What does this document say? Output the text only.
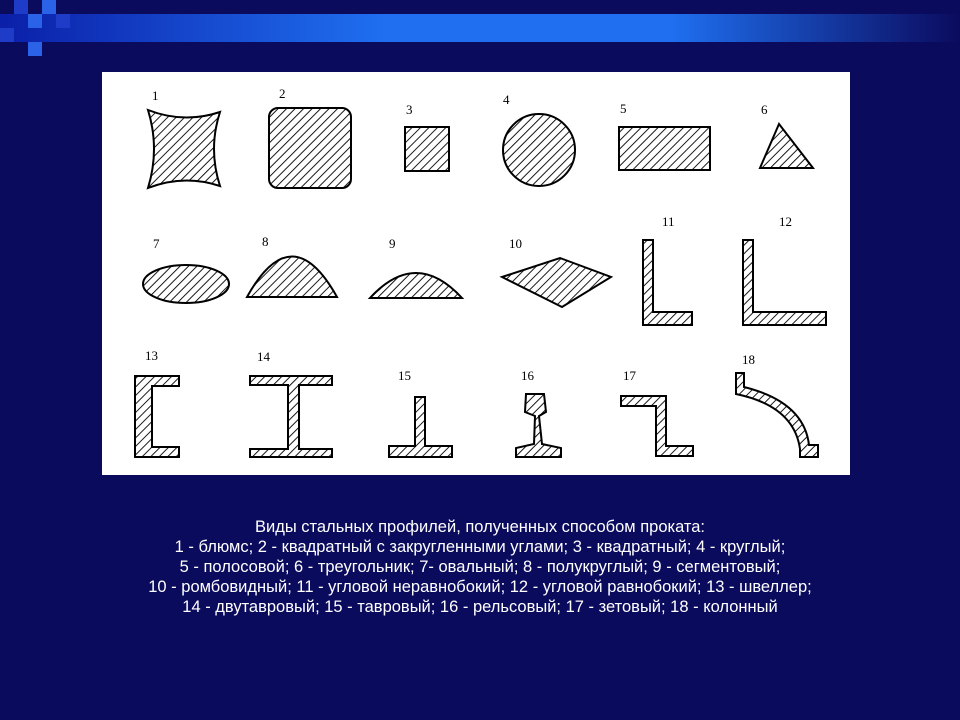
1	2
3
4
5	6
7	8	9	10
11	12
13	14
15	16	17
18
Виды стальных профилей, полученных способом проката:
1 - блюмс; 2 - квадратный с закругленными углами; 3 - квадратный; 4 - круглый;
5 - полосовой; 6 - треугольник; 7- овальный; 8 - полукруглый; 9 - сегментовый;
10 - ромбовидный; 11 - угловой неравнобокий; 12 - угловой равнобокий; 13 - швеллер;
14 - двутавровый; 15 - тавровый; 16 - рельсовый; 17 - зетовый; 18 - колонный
